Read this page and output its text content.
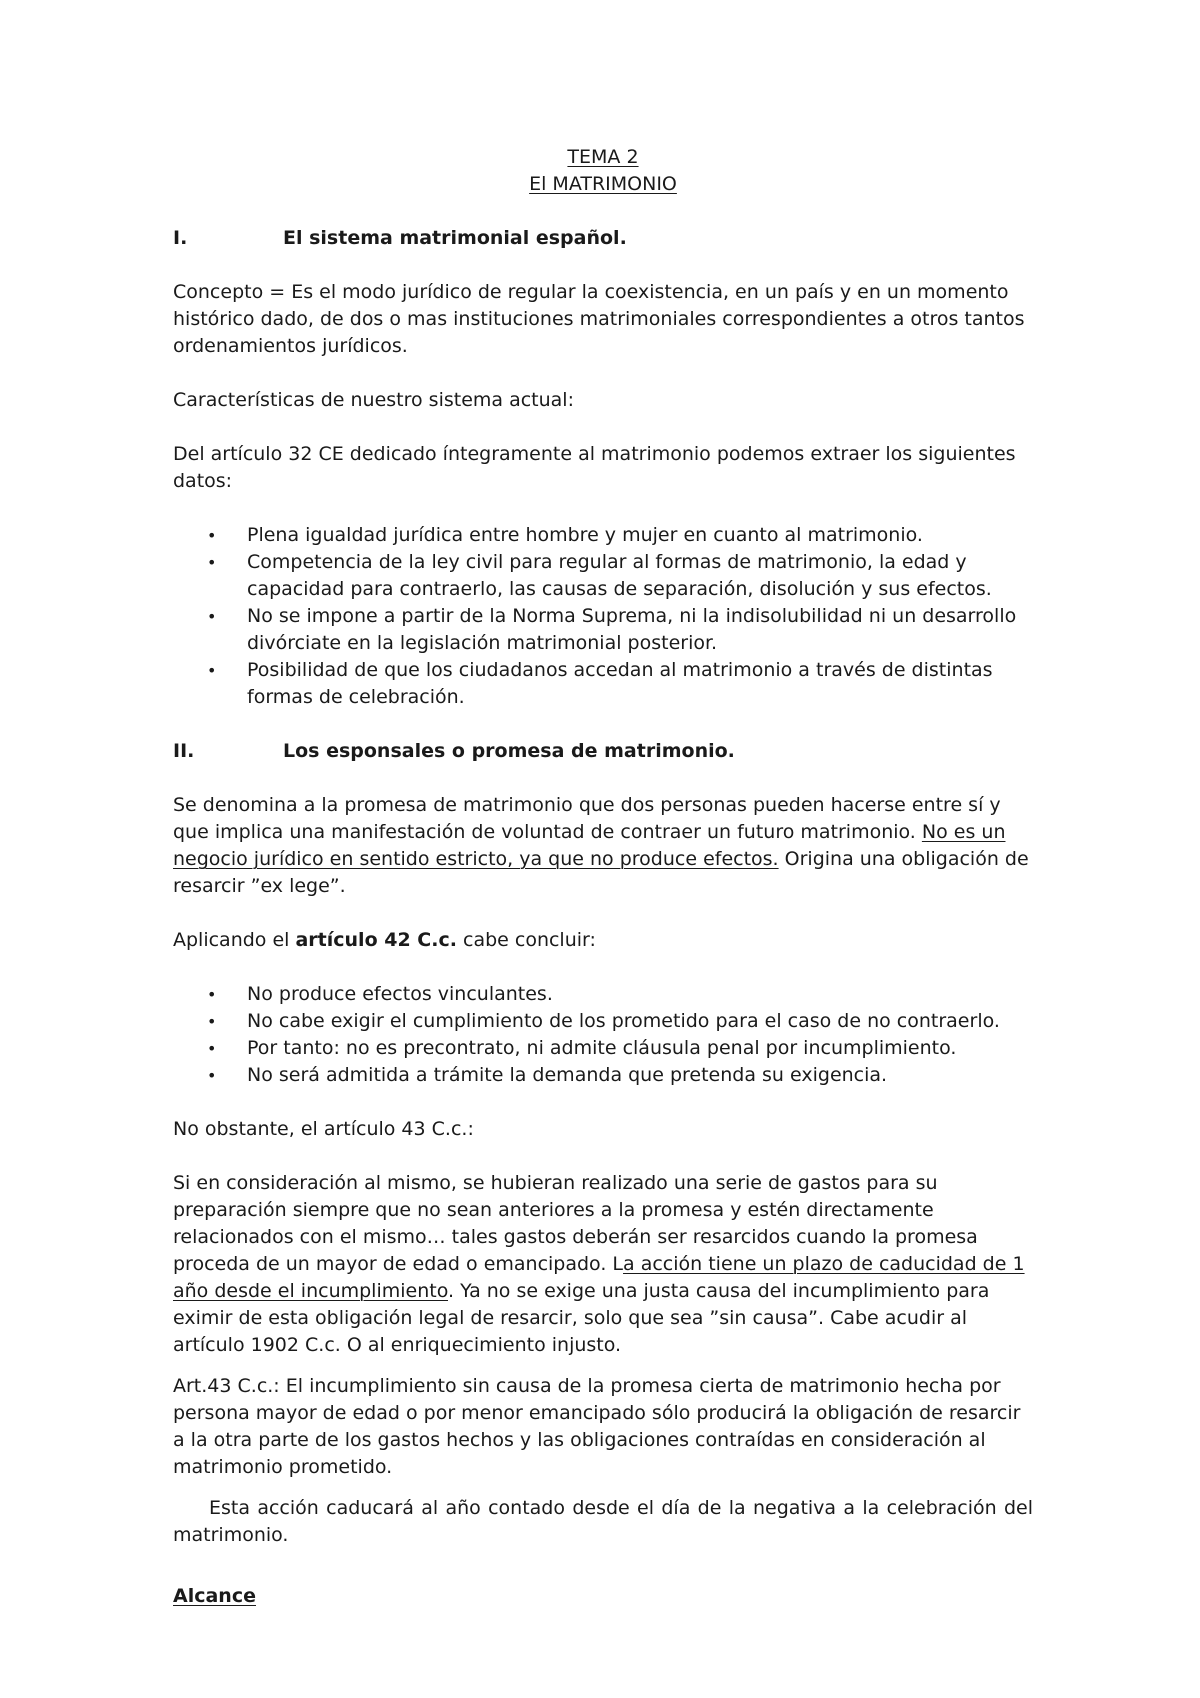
TEMA 2

El MATRIMONIO

I.	El sistema matrimonial español.

Concepto = Es el modo jurídico de regular la coexistencia, en un país y en un momento histórico dado, de dos o mas instituciones matrimoniales correspondientes a otros tantos ordenamientos jurídicos.

Características de nuestro sistema actual:

Del artículo 32 CE dedicado íntegramente al matrimonio podemos extraer los siguientes datos:

•	Plena igualdad jurídica entre hombre y mujer en cuanto al matrimonio.
•	Competencia de la ley civil para regular al formas de matrimonio, la edad y capacidad para contraerlo, las causas de separación, disolución y sus efectos.
•	No se impone a partir de la Norma Suprema, ni la indisolubilidad ni un desarrollo divórciate en la legislación matrimonial posterior.
•	Posibilidad de que los ciudadanos accedan al matrimonio a través de distintas formas de celebración.
II.	Los esponsales o promesa de matrimonio.

Se denomina a la promesa de matrimonio que dos personas pueden hacerse entre sí y que implica una manifestación de voluntad de contraer un futuro matrimonio. No es un negocio jurídico en sentido estricto, ya que no produce efectos. Origina una obligación de resarcir ”ex lege”.

Aplicando el artículo 42 C.c. cabe concluir:

•	No produce efectos vinculantes.
•	No cabe exigir el cumplimiento de los prometido para el caso de no contraerlo.
•	Por tanto: no es precontrato, ni admite cláusula penal por incumplimiento.
•	No será admitida a trámite la demanda que pretenda su exigencia.

No obstante, el artículo 43 C.c.:

Si en consideración al mismo, se hubieran realizado una serie de gastos para su preparación siempre que no sean anteriores a la promesa y estén directamente relacionados con el mismo… tales gastos deberán ser resarcidos cuando la promesa proceda de un mayor de edad o emancipado. La acción tiene un plazo de caducidad de 1 año desde el incumplimiento. Ya no se exige una justa causa del incumplimiento para eximir de esta obligación legal de resarcir, solo que sea ”sin causa”. Cabe acudir al artículo 1902 C.c. O al enriquecimiento injusto.

Art.43 C.c.: El incumplimiento sin causa de la promesa cierta de matrimonio hecha por persona mayor de edad o por menor emancipado sólo producirá la obligación de resarcir a la otra parte de los gastos hechos y las obligaciones contraídas en consideración al matrimonio prometido.

Esta acción caducará al año contado desde el día de la negativa a la celebración del matrimonio.

Alcance
